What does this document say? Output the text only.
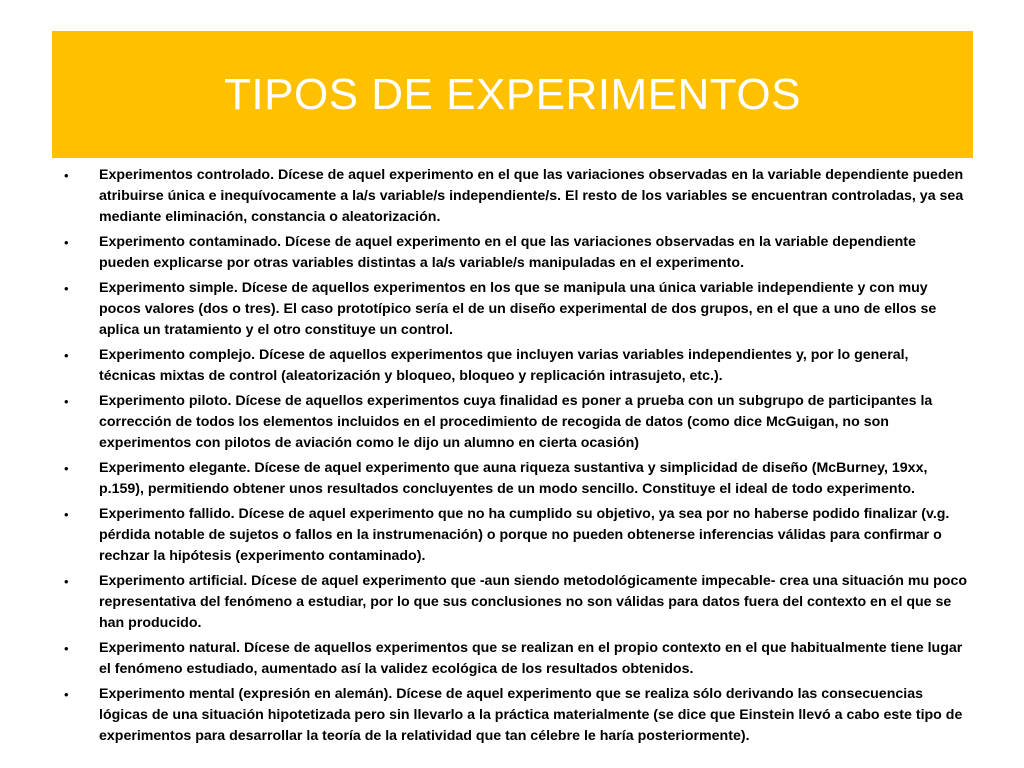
TIPOS DE EXPERIMENTOS
• Experimentos controlado. Dícese de aquel experimento en el que las variaciones observadas en la variable dependiente pueden atribuirse única e inequívocamente a la/s variable/s independiente/s. El resto de los variables se encuentran controladas, ya sea mediante eliminación, constancia o aleatorización.
• Experimento contaminado. Dícese de aquel experimento en el que las variaciones observadas en la variable dependiente pueden explicarse por otras variables distintas a la/s variable/s manipuladas en el experimento.
• Experimento simple. Dícese de aquellos experimentos en los que se manipula una única variable independiente y con muy pocos valores (dos o tres). El caso prototípico sería el de un diseño experimental de dos grupos, en el que a uno de ellos se aplica un tratamiento y el otro constituye un control.
• Experimento complejo. Dícese de aquellos experimentos que incluyen varias variables independientes y, por lo general, técnicas mixtas de control (aleatorización y bloqueo, bloqueo y replicación intrasujeto, etc.).
• Experimento piloto. Dícese de aquellos experimentos cuya finalidad es poner a prueba con un subgrupo de participantes la corrección de todos los elementos incluidos en el procedimiento de recogida de datos (como dice McGuigan, no son experimentos con pilotos de aviación como le dijo un alumno en cierta ocasión)
• Experimento elegante. Dícese de aquel experimento que auna riqueza sustantiva y simplicidad de diseño (McBurney, 19xx, p.159), permitiendo obtener unos resultados concluyentes de un modo sencillo. Constituye el ideal de todo experimento.
• Experimento fallido. Dícese de aquel experimento que no ha cumplido su objetivo, ya sea por no haberse podido finalizar (v.g. pérdida notable de sujetos o fallos en la instrumenación) o porque no pueden obtenerse inferencias válidas para confirmar o rechzar la hipótesis (experimento contaminado).
• Experimento artificial. Dícese de aquel experimento que -aun siendo metodológicamente impecable- crea una situación mu poco representativa del fenómeno a estudiar, por lo que sus conclusiones no son válidas para datos fuera del contexto en el que se han producido.
• Experimento natural. Dícese de aquellos experimentos que se realizan en el propio contexto en el que habitualmente tiene lugar el fenómeno estudiado, aumentado así la validez ecológica de los resultados obtenidos.
• Experimento mental (expresión en alemán). Dícese de aquel experimento que se realiza sólo derivando las consecuencias lógicas de una situación hipotetizada pero sin llevarlo a la práctica materialmente (se dice que Einstein llevó a cabo este tipo de experimentos para desarrollar la teoría de la relatividad que tan célebre le haría posteriormente).
